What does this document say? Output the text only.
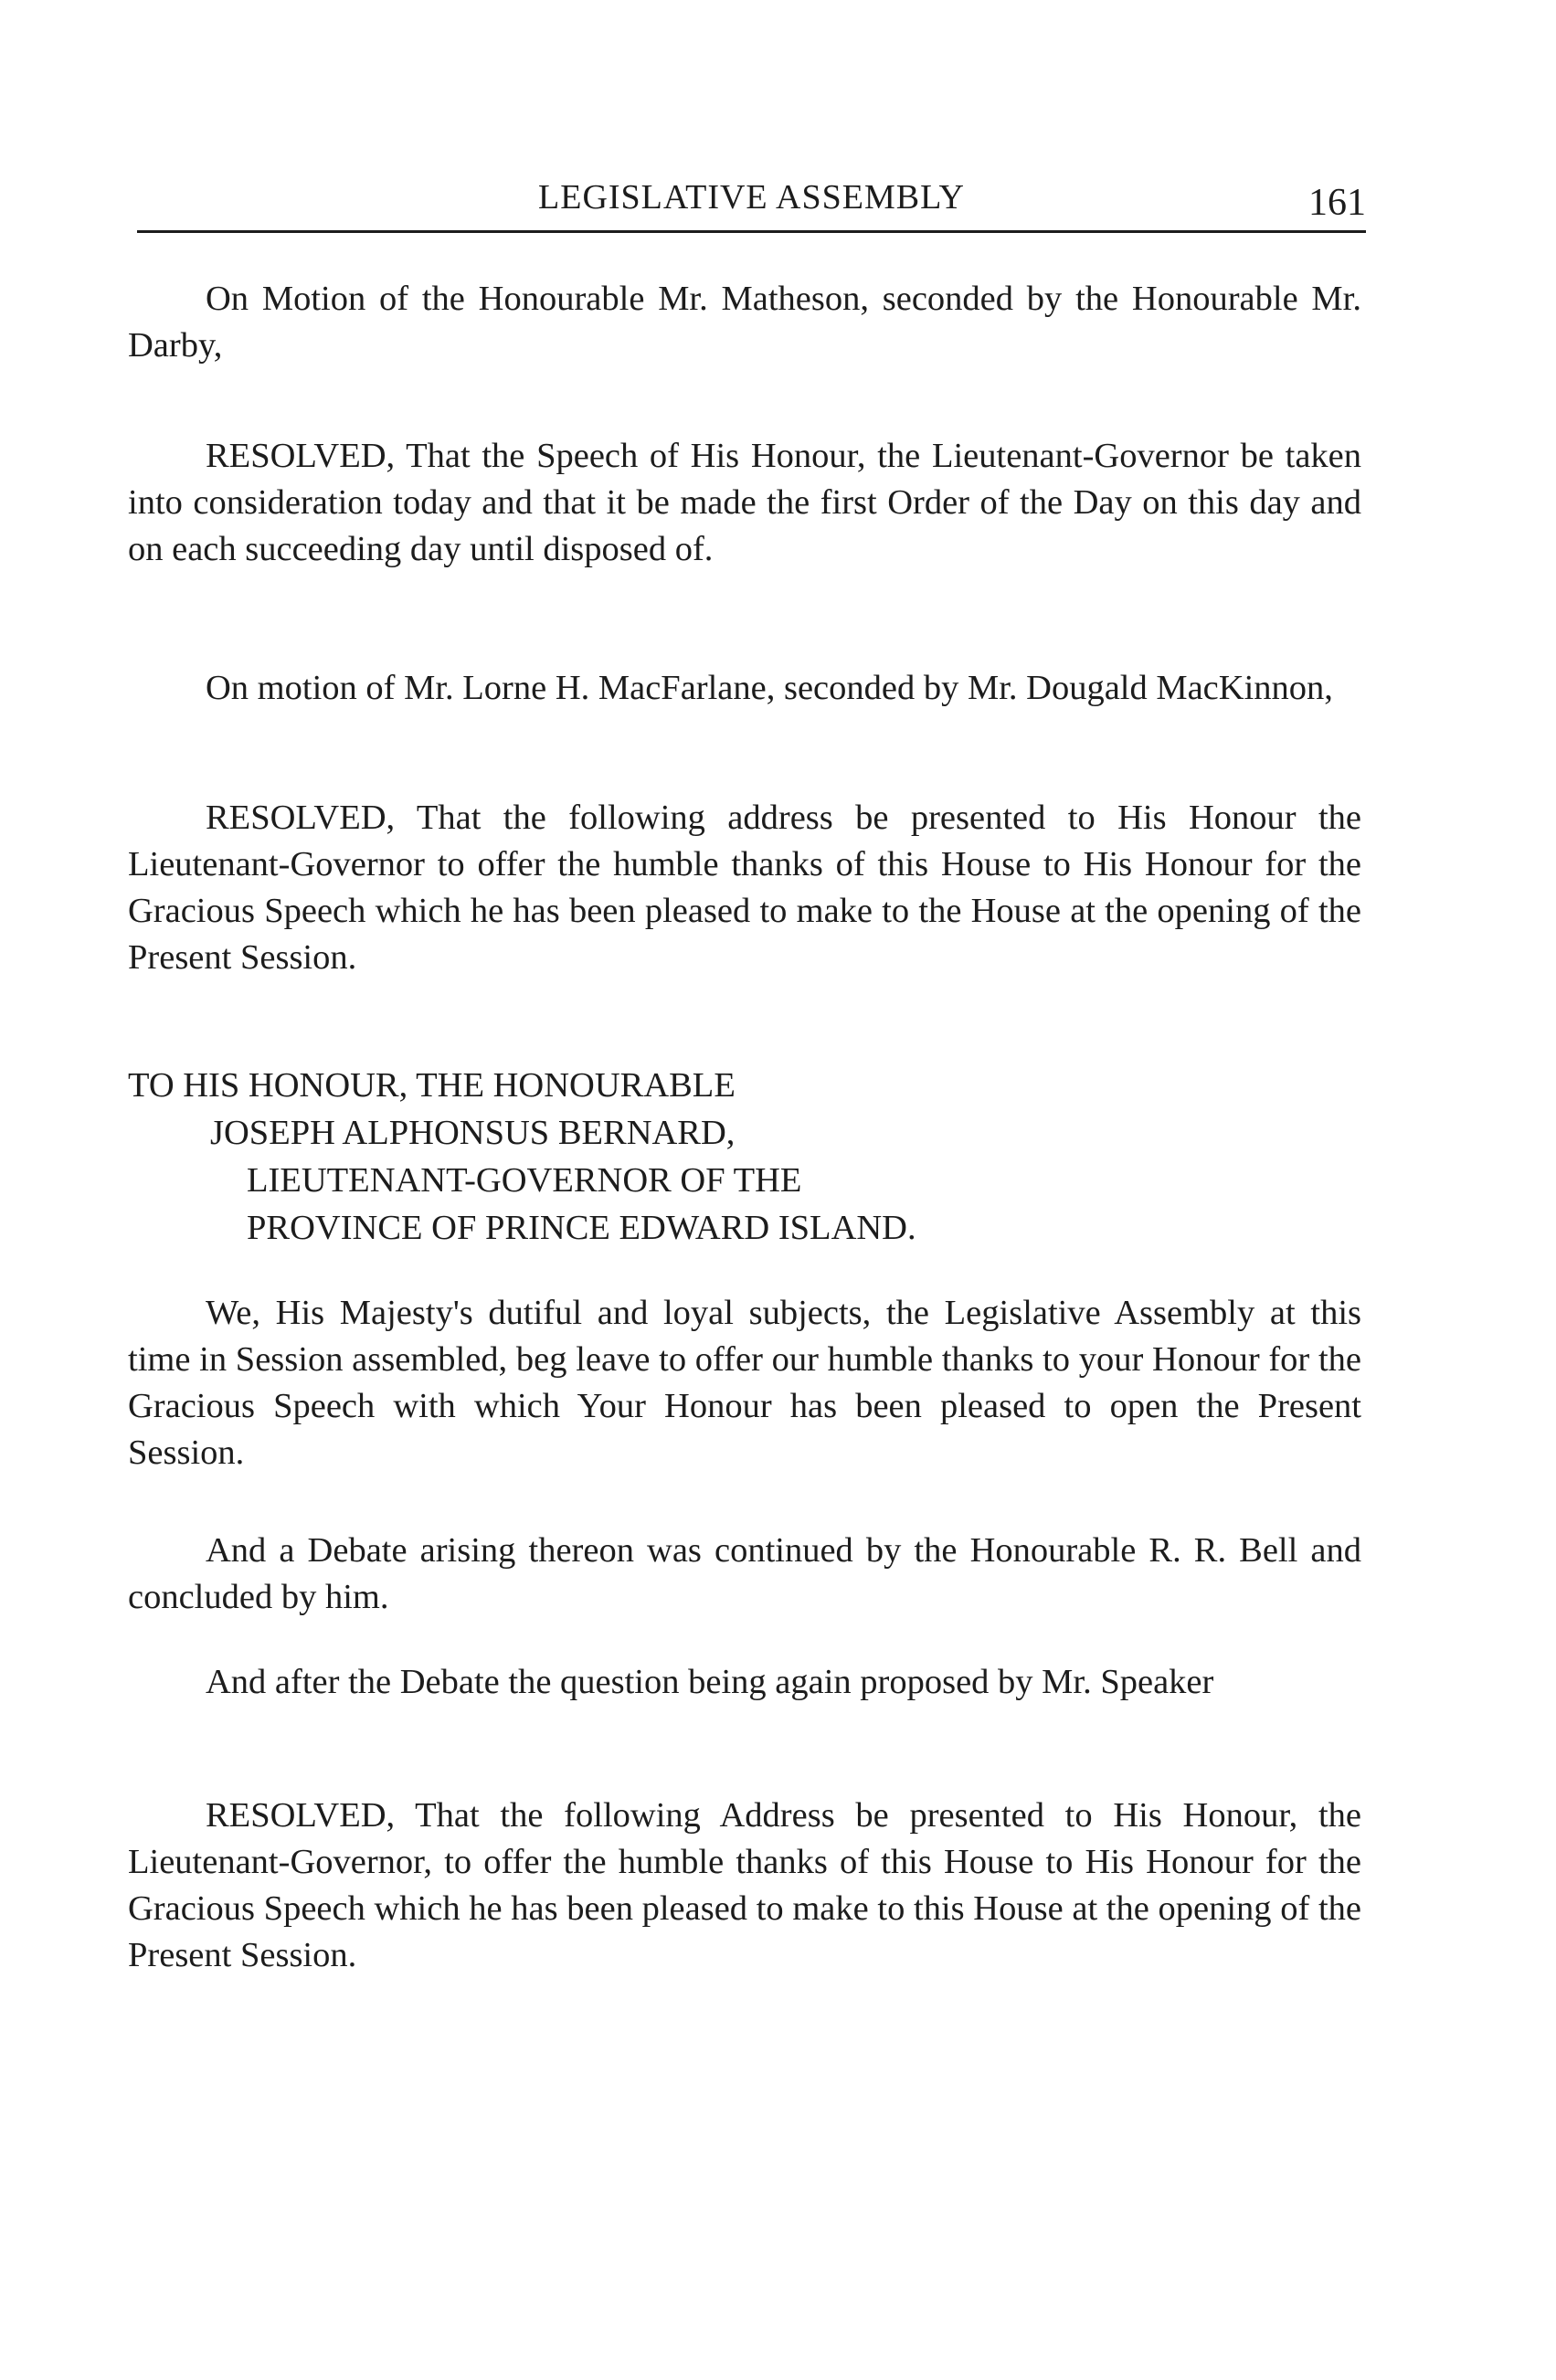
LEGISLATIVE ASSEMBLY	161

On Motion of the Honourable Mr. Matheson, seconded by the Honourable Mr. Darby,

RESOLVED, That the Speech of His Honour, the Lieutenant-Governor be taken into consideration today and that it be made the first Order of the Day on this day and on each succeeding day until disposed of.

On motion of Mr. Lorne H. MacFarlane, seconded by Mr. Dougald MacKinnon,

RESOLVED, That the following address be presented to His Honour the Lieutenant-Governor to offer the humble thanks of this House to His Honour for the Gracious Speech which he has been pleased to make to the House at the opening of the Present Session.

TO HIS HONOUR, THE HONOURABLE
JOSEPH ALPHONSUS BERNARD,
LIEUTENANT-GOVERNOR OF THE
PROVINCE OF PRINCE EDWARD ISLAND.

We, His Majesty's dutiful and loyal subjects, the Legislative Assembly at this time in Session assembled, beg leave to offer our humble thanks to your Honour for the Gracious Speech with which Your Honour has been pleased to open the Present Session.

And a Debate arising thereon was continued by the Honourable R. R. Bell and concluded by him.

And after the Debate the question being again proposed by Mr. Speaker

RESOLVED, That the following Address be presented to His Honour, the Lieutenant-Governor, to offer the humble thanks of this House to His Honour for the Gracious Speech which he has been pleased to make to this House at the opening of the Present Session.
